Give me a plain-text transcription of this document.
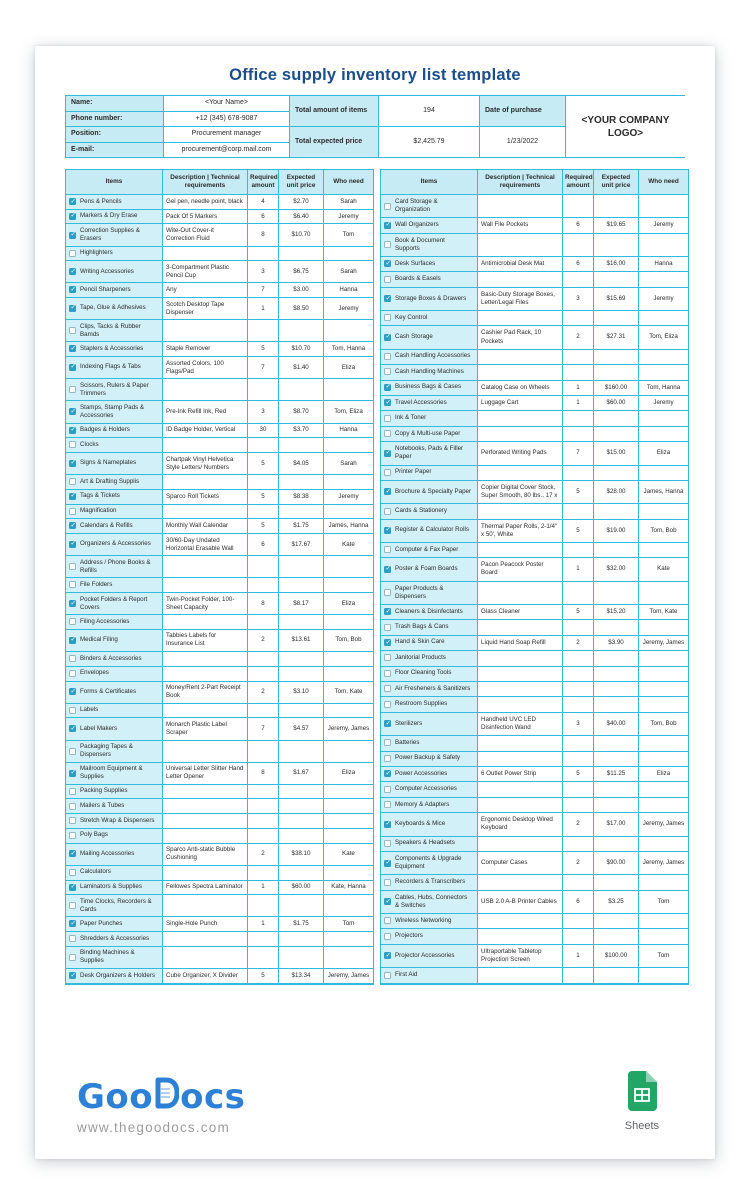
Office supply inventory list template
Name:	<Your Name>
Total amount of items	194	Date of purchase
<YOUR COMPANY LOGO>
Phone number:	+12 (345) 678-9087
Position:	Procurement manager
Total expected price	$2,425.79	1/23/2022
E-mail:	procurement@corp.mail.com
Items	Description | Technical requirements	Required amount	Expected unit price	Who need
✓Pens & Pencils	Gel pen, needle point, black	4	$2.70	Sarah
✓Markers & Dry Erase	Pack Of 5 Markers	6	$6.40	Jeremy
✓Correction Supplies & Erasers	Wite-Out Cover-it Correction Fluid	8	$10.70	Tom
Highlighters				
✓Writing Accessories	3-Compartment Plastic Pencil Cup	3	$6.75	Sarah
✓Pencil Sharpeners	Any	7	$3.00	Hanna
✓Tape, Glue & Adhesives	Scotch Desktop Tape Dispenser	1	$8.50	Jeremy
Clips, Tacks & Rubber Bamds				
✓Staplers & Accessories	Staple Remover	5	$10.70	Tom, Hanna
✓Indexing Flags & Tabs	Assorted Colors, 100 Flags/Pad	7	$1.40	Eliza
Scissors, Rulers & Paper Trimmers				
✓Stamps, Stamp Pads & Accessories	Pre-Ink Refill Ink, Red	3	$8.70	Tom, Eliza
✓Badges & Holders	ID Badge Holder, Vertical	30	$3.70	Hanna
Clocks				
✓Signs & Nameplates	Chartpak Vinyl Helvetica Style Letters/ Numbers	5	$4.05	Sarah
Art & Drafting Supplis				
✓Tags & Tickets	Sparco Roll Tickets	5	$8.38	Jeremy
Magnification				
✓Calendars & Refills	Monthly Wall Calendar	5	$1.75	James, Hanna
✓Organizers & Accessories	30/60-Day Undated Horizontal Erasable Wall	6	$17.67	Kate
Address / Phone Books & Refills				
File Folders				
✓Pocket Folders & Report Covers	Twin-Pocket Folder, 100-Sheet Capacity	8	$8.17	Eliza
Filing Accessories				
✓Medical Filing	Tabbies Labels for Insurance List	2	$13.61	Tom, Bob
Binders & Accessories				
Envelopes				
✓Forms & Certificates	Money/Rent 2-Part Receipt Book	2	$3.10	Tom, Kate
Labels				
✓Label Makers	Monarch Plastic Label Scraper	7	$4.57	Jeremy, James
Packaging Tapes & Dispensers				
✓Mailroom Equipment & Supplies	Universal Letter Slitter Hand Letter Opener	8	$1.67	Eliza
Packing Supplies				
Mailers & Tubes				
Stretch Wrap & Dispensers				
Poly Bags				
✓Mailing Accessories	Sparco Anti-static Bubble Cushioning	2	$38.10	Kate
Calculators				
✓Laminators & Supplies	Fellowes Spectra Laminator	1	$60.00	Kate, Hanna
Time Clocks, Recorders & Cards				
✓Paper Punches	Single-Hole Punch	1	$1.75	Tom
Shredders & Accessories				
Binding Machines & Supplies				
✓Desk Organizers & Holders	Cube Organizer, X Divider	5	$13.34	Jeremy, James
Items	Description | Technical requirements	Required amount	Expected unit price	Who need
Card Storage & Organization				
✓Wall Organizers	Wall File Pockets	6	$19.65	Jeremy
Book & Document Supports				
✓Desk Surfaces	Antimicrobial Desk Mat	6	$16.00	Hanna
Boards & Easels				
✓Storage Boxes & Drawers	Basic-Duty Storage Boxes, Letter/Legal Files	3	$15.69	Jeremy
Key Control				
✓Cash Storage	Cashier Pad Rack, 10 Pockets	2	$27.31	Tom, Eliza
Cash Handling Accessories				
Cash Handling Machines				
✓Business Bags & Cases	Catalog Case on Wheels	1	$160.00	Tom, Hanna
✓Travel Accessories	Luggage Cart	1	$60.00	Jeremy
Ink & Toner				
Copy & Multi-use Paper				
✓Notebooks, Pads & Filler Paper	Perforated Writing Pads	7	$15.00	Eliza
Printer Paper				
✓Brochure & Specialty Paper	Copier Digital Cover Stock, Super Smooth, 80 lbs., 17 x	5	$28.00	James, Hanna
Cards & Stationery				
✓Register & Calculator Rolls	Thermal Paper Rolls, 2-1/4" x 50', White	5	$19.00	Tom, Bob
Computer & Fax Paper				
✓Poster & Foam Boards	Pacon Peacock Poster Board	1	$32.00	Kate
Paper Products & Dispensers				
✓Cleaners & Disinfectants	Glass Cleaner	5	$15.20	Tom, Kate
Trash Bags & Cans				
✓Hand & Skin Care	Liquid Hand Soap Refill	2	$3.90	Jeremy, James
Janitorial Products				
Floor Cleaning Tools				
Air Fresheners & Sanitizers				
Restroom Supplies				
✓Sterilizers	Handheld UVC LED Disinfection Wand	3	$40.00	Tom, Bob
Batteries				
Power Backup & Safety				
✓Power Accessories	6 Outlet Power Strip	5	$11.25	Eliza
Computer Accessories				
Memory & Adapters				
✓Keyboards & Mice	Ergonomic Desktop Wired Keyboard	2	$17.00	Jeremy, James
Speakers & Headsets				
✓Components & Upgrade Equipment	Computer Cases	2	$90.00	Jeremy, James
Recorders & Transcribers				
✓Cables, Hubs, Connectors & Switches	USB 2.0 A-B Printer Cables	6	$3.25	Tom
Wireless Networking				
Projectors				
✓Projector Accessories	Ultraportable Tabletop Projection Screen	1	$100.00	Tom
First Aid				
Goo ocs
www.thegoodocs.com	Sheets
